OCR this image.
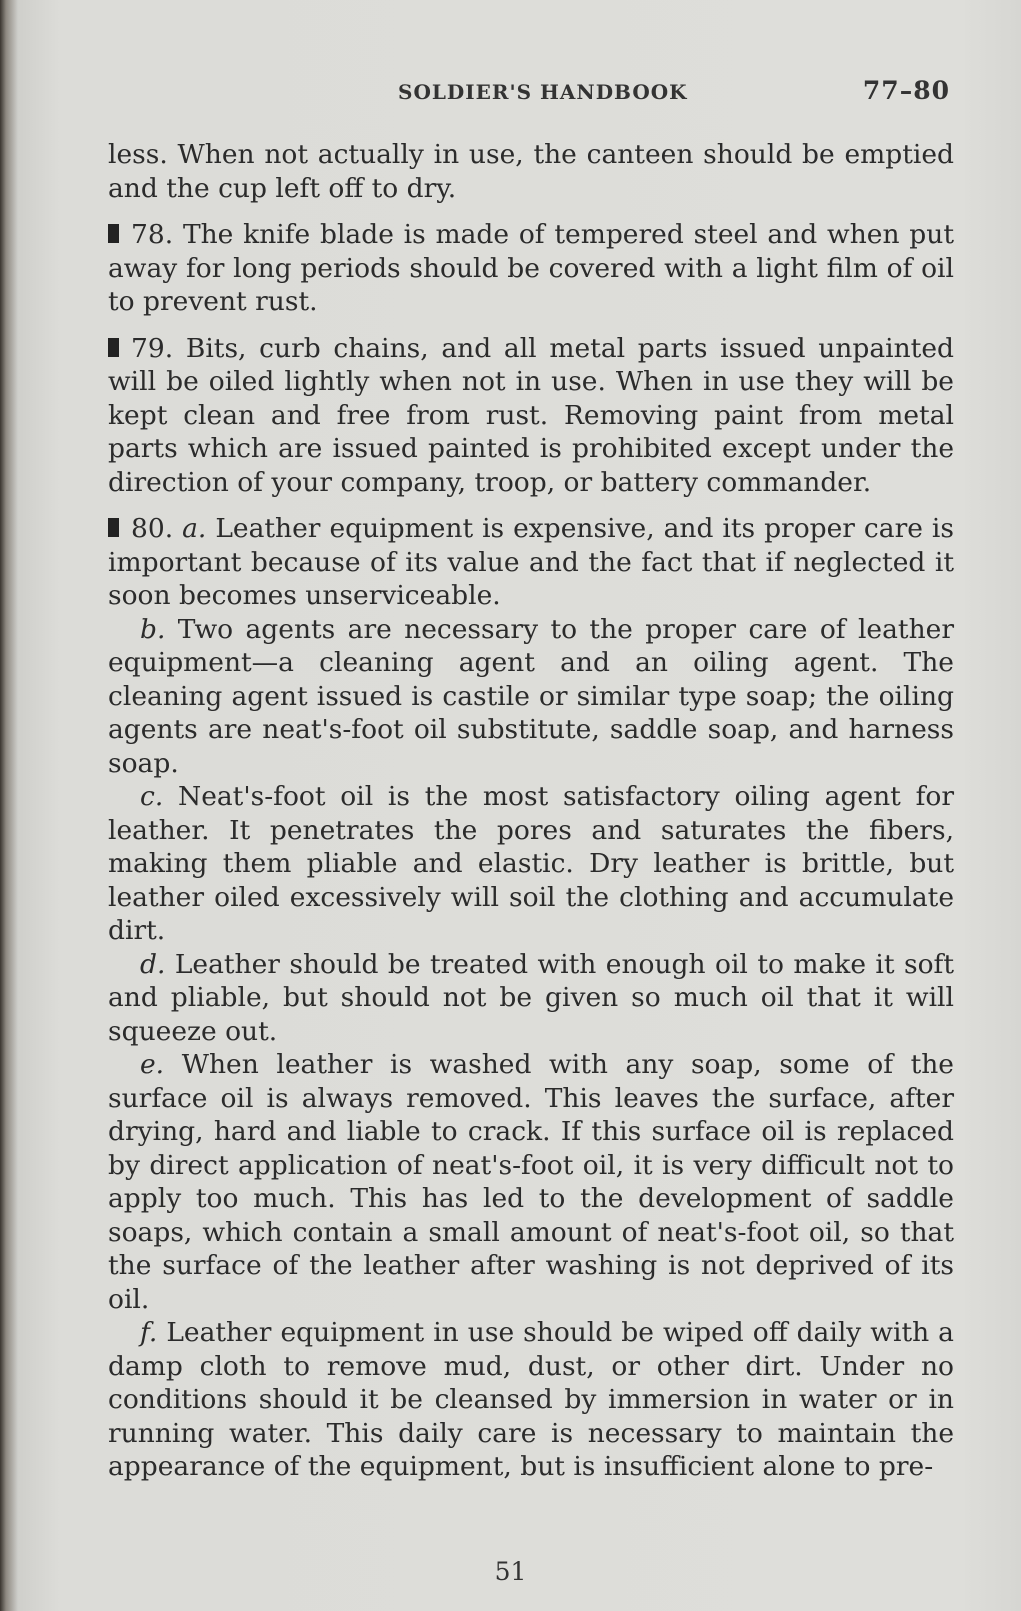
SOLDIER'S HANDBOOK	77–80

less. When not actually in use, the canteen should be emptied and the cup left off to dry.

78. The knife blade is made of tempered steel and when put away for long periods should be covered with a light film of oil to prevent rust.

79. Bits, curb chains, and all metal parts issued unpainted will be oiled lightly when not in use. When in use they will be kept clean and free from rust. Removing paint from metal parts which are issued painted is prohibited except under the direction of your company, troop, or battery commander.

80. a. Leather equipment is expensive, and its proper care is important because of its value and the fact that if neglected it soon becomes unserviceable.

b. Two agents are necessary to the proper care of leather equipment—a cleaning agent and an oiling agent. The cleaning agent issued is castile or similar type soap; the oiling agents are neat's-foot oil substitute, saddle soap, and harness soap.

c. Neat's-foot oil is the most satisfactory oiling agent for leather. It penetrates the pores and saturates the fibers, making them pliable and elastic. Dry leather is brittle, but leather oiled excessively will soil the clothing and accumulate dirt.

d. Leather should be treated with enough oil to make it soft and pliable, but should not be given so much oil that it will squeeze out.

e. When leather is washed with any soap, some of the surface oil is always removed. This leaves the surface, after drying, hard and liable to crack. If this surface oil is replaced by direct application of neat's-foot oil, it is very difficult not to apply too much. This has led to the development of saddle soaps, which contain a small amount of neat's-foot oil, so that the surface of the leather after washing is not deprived of its oil.

f. Leather equipment in use should be wiped off daily with a damp cloth to remove mud, dust, or other dirt. Under no conditions should it be cleansed by immersion in water or in running water. This daily care is necessary to maintain the appearance of the equipment, but is insufficient alone to pre-

51
